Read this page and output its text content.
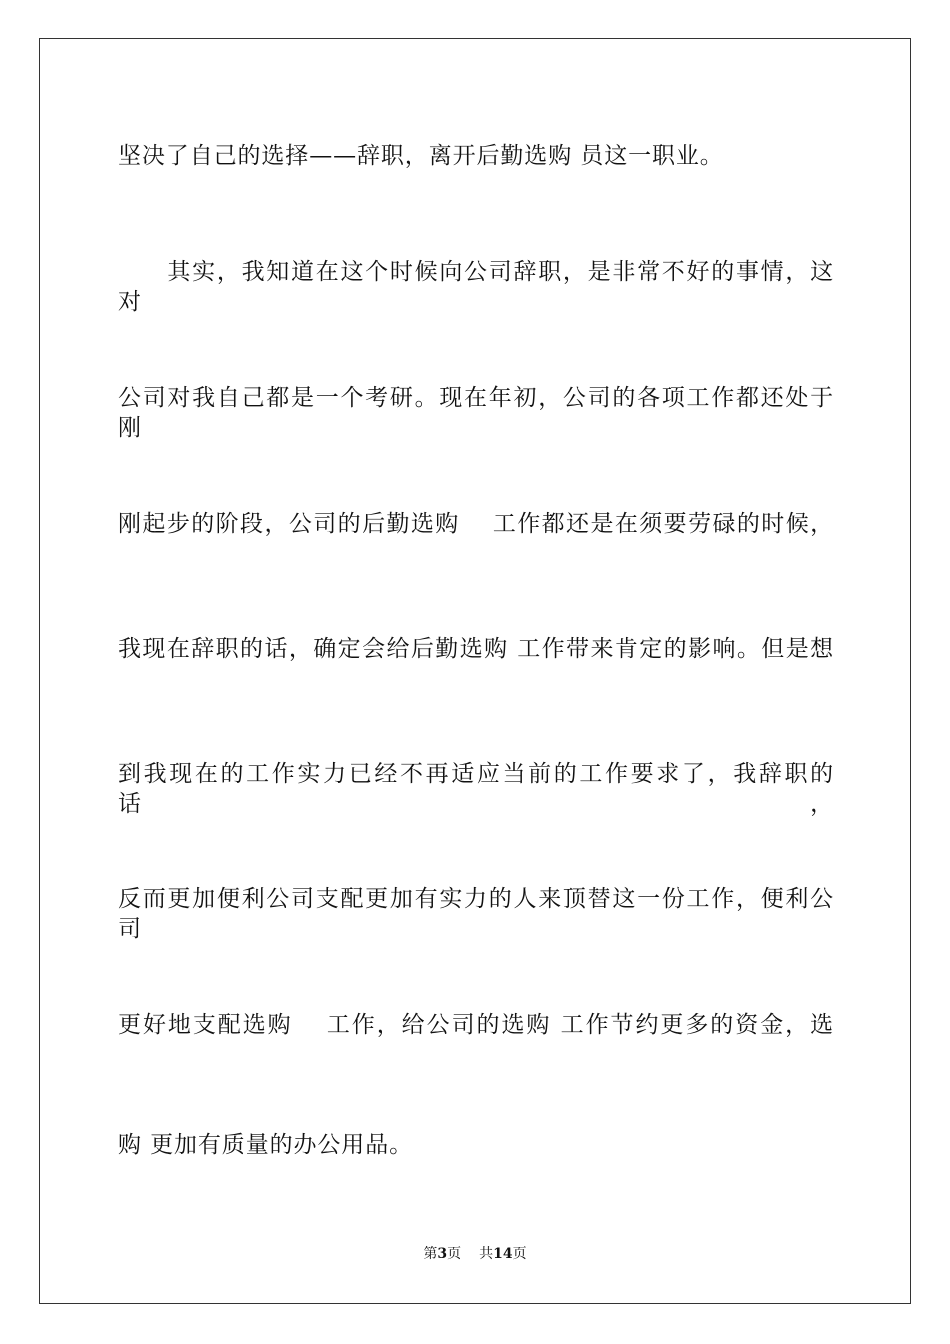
坚决了自己的选择——辞职，离开后勤选购 员这一职业。
　　其实，我知道在这个时候向公司辞职，是非常不好的事情，这对
公司对我自己都是一个考研。现在年初，公司的各项工作都还处于刚
刚起步的阶段，公司的后勤选购　 工作都还是在须要劳碌的时候，
我现在辞职的话，确定会给后勤选购 工作带来肯定的影响。但是想
到我现在的工作实力已经不再适应当前的工作要求了，我辞职的话，
反而更加便利公司支配更加有实力的人来顶替这一份工作，便利公司
更好地支配选购　 工作，给公司的选购 工作节约更多的资金，选
购 更加有质量的办公用品。
第3页 共14页
